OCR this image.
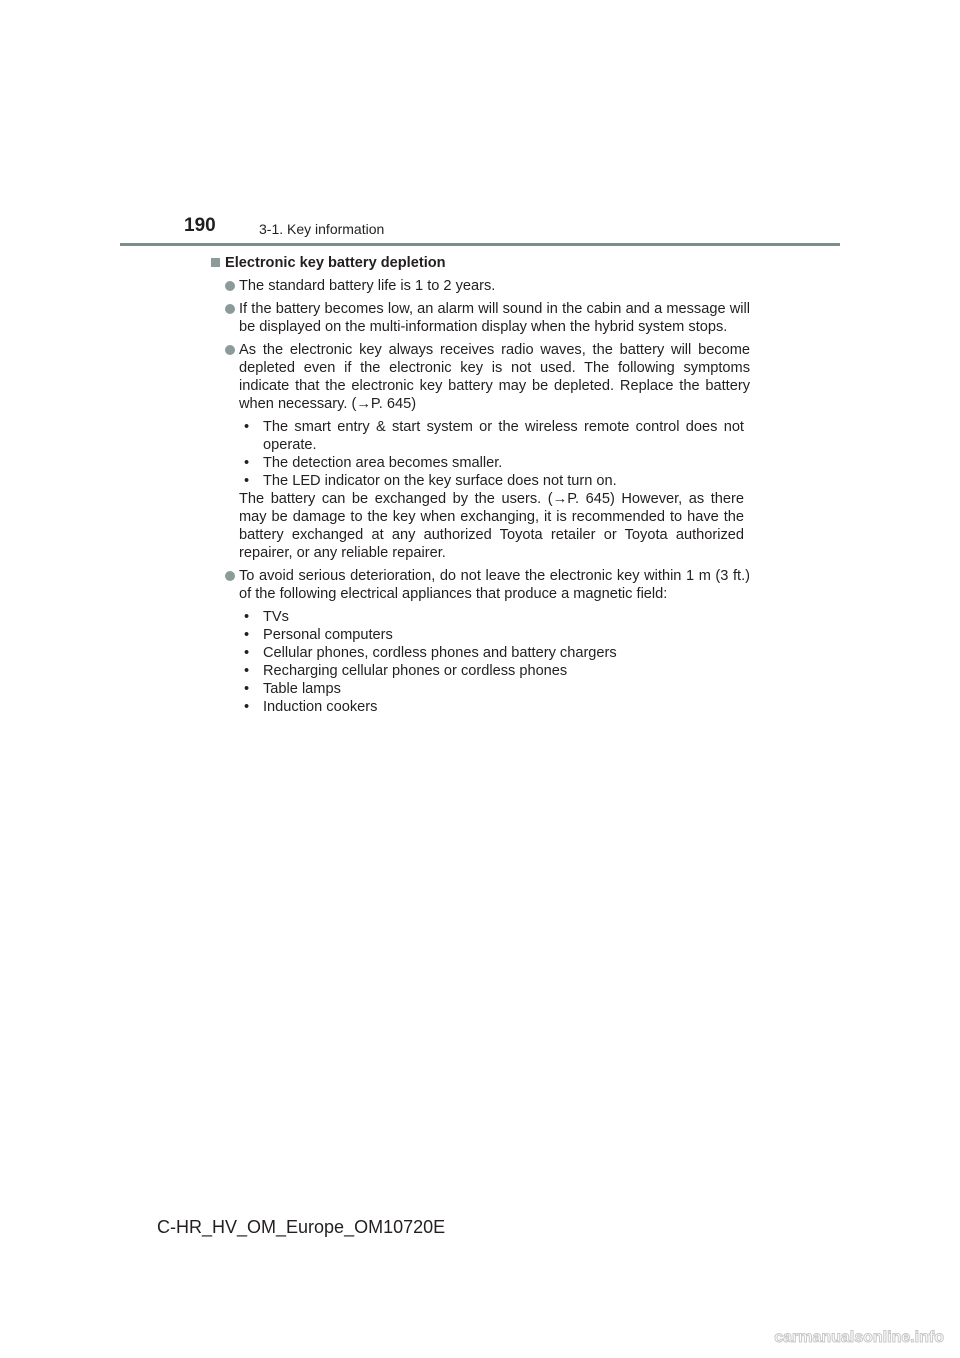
190	3-1. Key information
Electronic key battery depletion
The standard battery life is 1 to 2 years.
If the battery becomes low, an alarm will sound in the cabin and a message will be displayed on the multi-information display when the hybrid system stops.
As the electronic key always receives radio waves, the battery will become depleted even if the electronic key is not used. The following symptoms indicate that the electronic key battery may be depleted. Replace the battery when necessary. (→P. 645)
• The smart entry & start system or the wireless remote control does not operate.
• The detection area becomes smaller.
• The LED indicator on the key surface does not turn on.
The battery can be exchanged by the users. (→P. 645) However, as there may be damage to the key when exchanging, it is recommended to have the battery exchanged at any authorized Toyota retailer or Toyota authorized repairer, or any reliable repairer.
To avoid serious deterioration, do not leave the electronic key within 1 m (3 ft.) of the following electrical appliances that produce a magnetic field:
• TVs
• Personal computers
• Cellular phones, cordless phones and battery chargers
• Recharging cellular phones or cordless phones
• Table lamps
• Induction cookers
C-HR_HV_OM_Europe_OM10720E
carmanualsonline.info
